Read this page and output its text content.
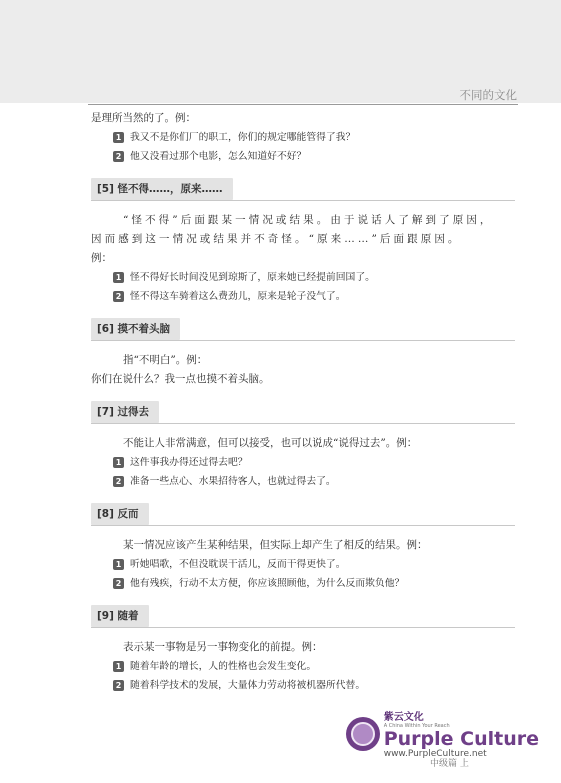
不同的文化

是理所当然的了。例：

1 我又不是你们厂的职工，你们的规定哪能管得了我？
2 他又没看过那个电影，怎么知道好不好？
[5] 怪不得……，原来……

“怪不得”后面跟某一情况或结果。由于说话人了解到了原因，

因而感到这一情况或结果并不奇怪。“原来……”后面跟原因。

例：

1 怪不得好长时间没见到琼斯了，原来她已经提前回国了。
2 怪不得这车骑着这么费劲儿，原来是轮子没气了。
[6] 摸不着头脑

指“不明白”。例：

你们在说什么？我一点也摸不着头脑。

[7] 过得去

不能让人非常满意，但可以接受，也可以说成“说得过去”。例：

1 这件事我办得还过得去吧？
2 准备一些点心、水果招待客人，也就过得去了。
[8] 反而

某一情况应该产生某种结果，但实际上却产生了相反的结果。例：

1 听她唱歌，不但没耽误干活儿，反而干得更快了。
2 他有残疾，行动不太方便，你应该照顾他，为什么反而欺负他？
[9] 随着

表示某一事物是另一事物变化的前提。例：

1 随着年龄的增长，人的性格也会发生变化。
2 随着科学技术的发展，大量体力劳动将被机器所代替。
紫云文化
A China Within Your Reach
Purple Culture
www.PurpleCulture.net
中级篇 上
